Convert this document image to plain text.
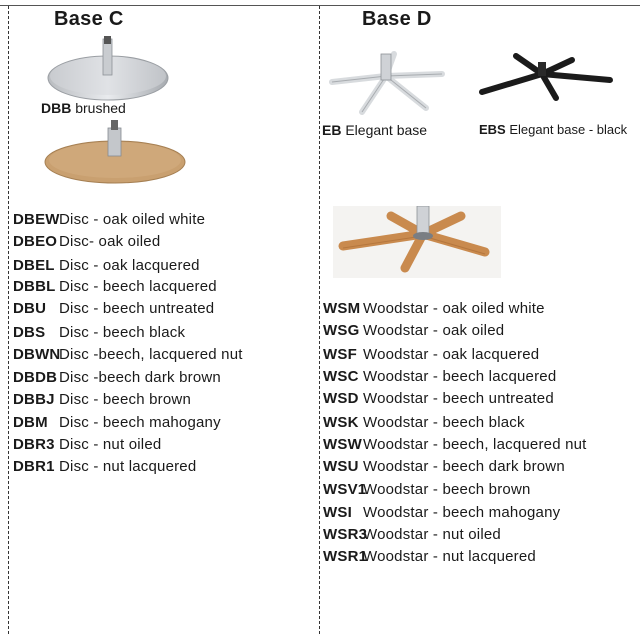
Base C
DBB brushed
DBEWDisc - oak oiled white
DBEO Disc- oak oiled
DBEL Disc - oak lacquered
DBBL Disc - beech lacquered
DBU Disc - beech untreated
DBS Disc - beech black
DBWNDisc -beech, lacquered nut
DBDB Disc -beech dark brown
DBBJ Disc - beech brown
DBM Disc - beech mahogany
DBR3 Disc - nut oiled
DBR1 Disc - nut lacquered
Base D
EB Elegant base	EBS Elegant base - black
WSM Woodstar - oak oiled white
WSG Woodstar - oak oiled
WSF Woodstar - oak lacquered
WSC Woodstar - beech lacquered
WSD Woodstar - beech untreated
WSK Woodstar - beech black
WSWWoodstar - beech, lacquered nut
WSU Woodstar - beech dark brown
WSV1Woodstar - beech brown
WSI Woodstar - beech mahogany
WSR3Woodstar - nut oiled
WSR1Woodstar - nut lacquered
